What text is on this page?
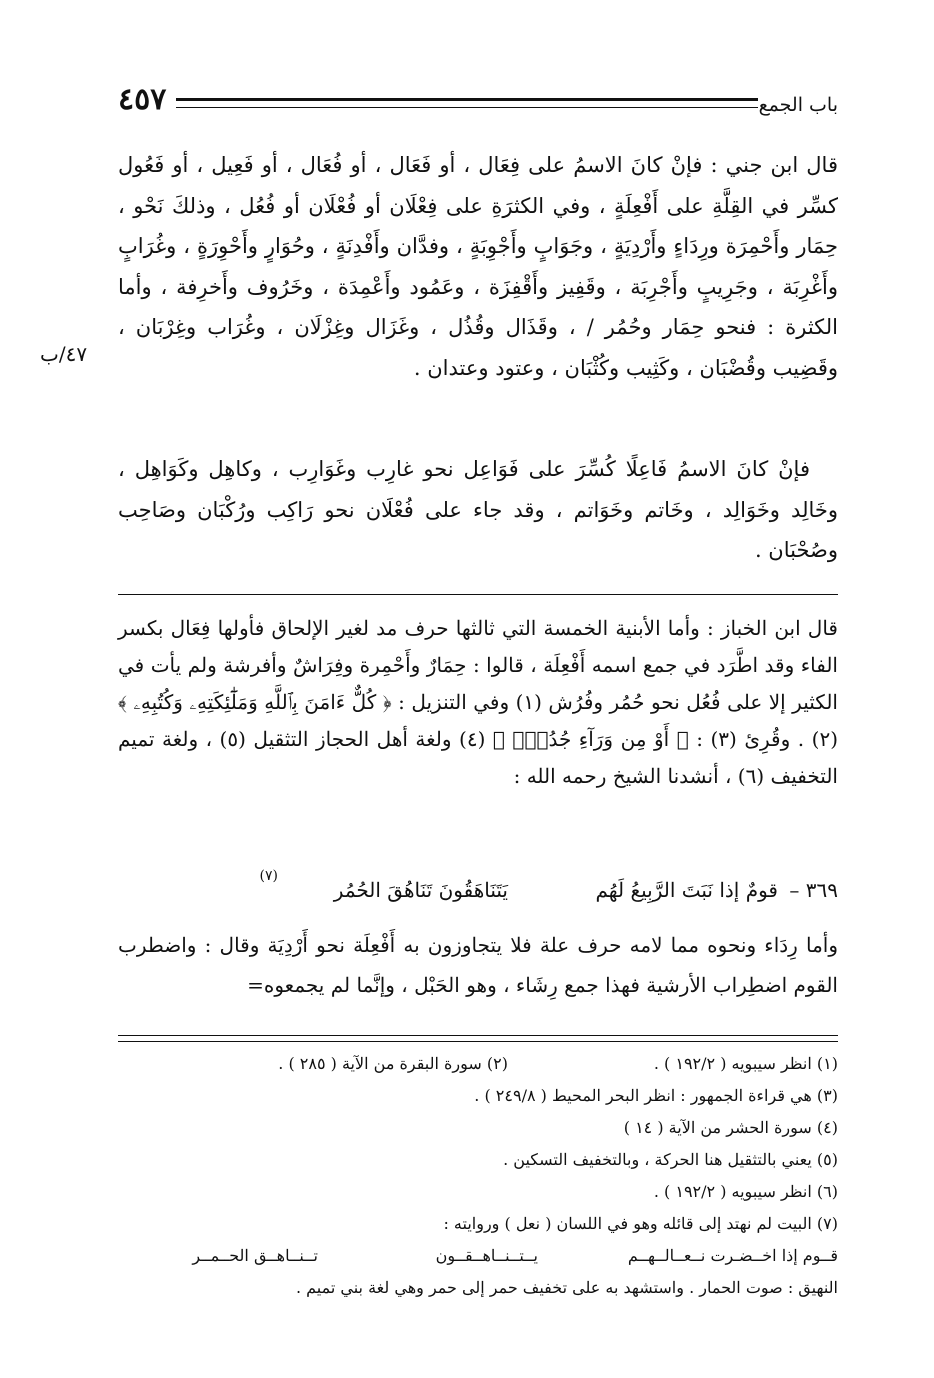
٤٥٧	باب الجمع
٤٧/ب

قال ابن جني : فإنْ كانَ الاسمُ على فِعَال ، أو فَعَال ، أو فُعَال ، أو فَعِيل ، أو فَعُول كسِّر في القِلَّةِ على أَفْعِلَةٍ ، وفي الكثرَةِ على فِعْلَان أو فُعْلَان أو فُعُل ، وذلكَ نَحْو ، حِمَار وأَحْمِرَة ورِدَاءٍ وأَرْدِيَةٍ ، وجَوَابٍ وأَجْوِبَةٍ ، وفدَّان وأَفْدِنَةٍ ، وحُوَارٍ وأَحْوِرَةٍ ، وغُرَابٍ وأَغْرِبَة ، وجَرِيبٍ وأَجْرِبَة ، وقَفِيز وأَقْفِزَة ، وعَمُود وأَعْمِدَة ، وخَرُوف وأَخرِفة ، وأما الكثرة : فنحو حِمَار وحُمُر / ، وقَذَال وقُذُل ، وغَزَال وغِزْلَان ، وغُرَاب وغِرْبَان ، وقَضِيب وقُضْبَان ، وكَثِيب وكُثْبَان ، وعتود وعتدان .

فإنْ كانَ الاسمُ فَاعِلًا كُسِّرَ على فَوَاعِل نحو غارِب وغَوَارِب ، وكاهِل وكَوَاهِل ، وخَالِد وخَوَالِد ، وخَاتم وخَوَاتم ، وقد جاء على فُعْلَان نحو رَاكِب ورُكْبَان وصَاحِب وصُحْبَان .

قال ابن الخباز : وأما الأبنية الخمسة التي ثالثها حرف مد لغير الإلحاق فأولها فِعَال بكسر الفاء وقد اطَّرَد في جمع اسمه أَفْعِلَة ، قالوا : حِمَارٌ وأَحْمِرة وفِرَاشٌ وأفرشة ولم يأت في الكثير إلا على فُعُل نحو حُمُر وفُرُش (١) وفي التنزيل : ﴿ كُلٌّ ءَامَنَ بِٱللَّهِ وَمَلَٰٓئِكَتِهِۦ وَكُتُبِهِۦ ﴾ (٢) . وقُرِئ (٣) : ﴿ أَوْ مِن وَرَآءِ جُدُرٍۭ ﴾ (٤) ولغة أهل الحجاز التثقيل (٥) ، ولغة تميم التخفيف (٦) ، أنشدنا الشيخ رحمه الله :

٣٦٩ –
قومٌ إذا نَبَتَ الرَّبِيعُ لَهُم
يَتَنَاهَقُونَ تَنَاهُقَ الحُمُر
(٧)

وأما رِدَاء ونحوه مما لامه حرف علة فلا يتجاوزون به أَفْعِلَة نحو أَرْدِيَة وقال : واضطرب القوم اضطِراب الأرشية فهذا جمع رِشَاء ، وهو الحَبْل ، وإنَّما لم يجمعوه=

(١) انظر سيبويه ( ١٩٢/٢ ) .
(٢) سورة البقرة من الآية ( ٢٨٥ ) .
(٣) هي قراءة الجمهور : انظر البحر المحيط ( ٢٤٩/٨ ) .
(٤) سورة الحشر من الآية ( ١٤ )
(٥) يعني بالتثقيل هنا الحركة ، وبالتخفيف التسكين .
(٦) انظر سيبويه ( ١٩٢/٢ ) .
(٧) البيت لم نهتد إلى قائله وهو في اللسان ( نعل ) وروايته :
قــوم إذا اخــضـرت نــعــالــهــم
يــتــنــاهــقــون
تــنــاهــق الحــمــر
النهيق : صوت الحمار . واستشهد به على تخفيف حمر إلى حمر وهي لغة بني تميم .
